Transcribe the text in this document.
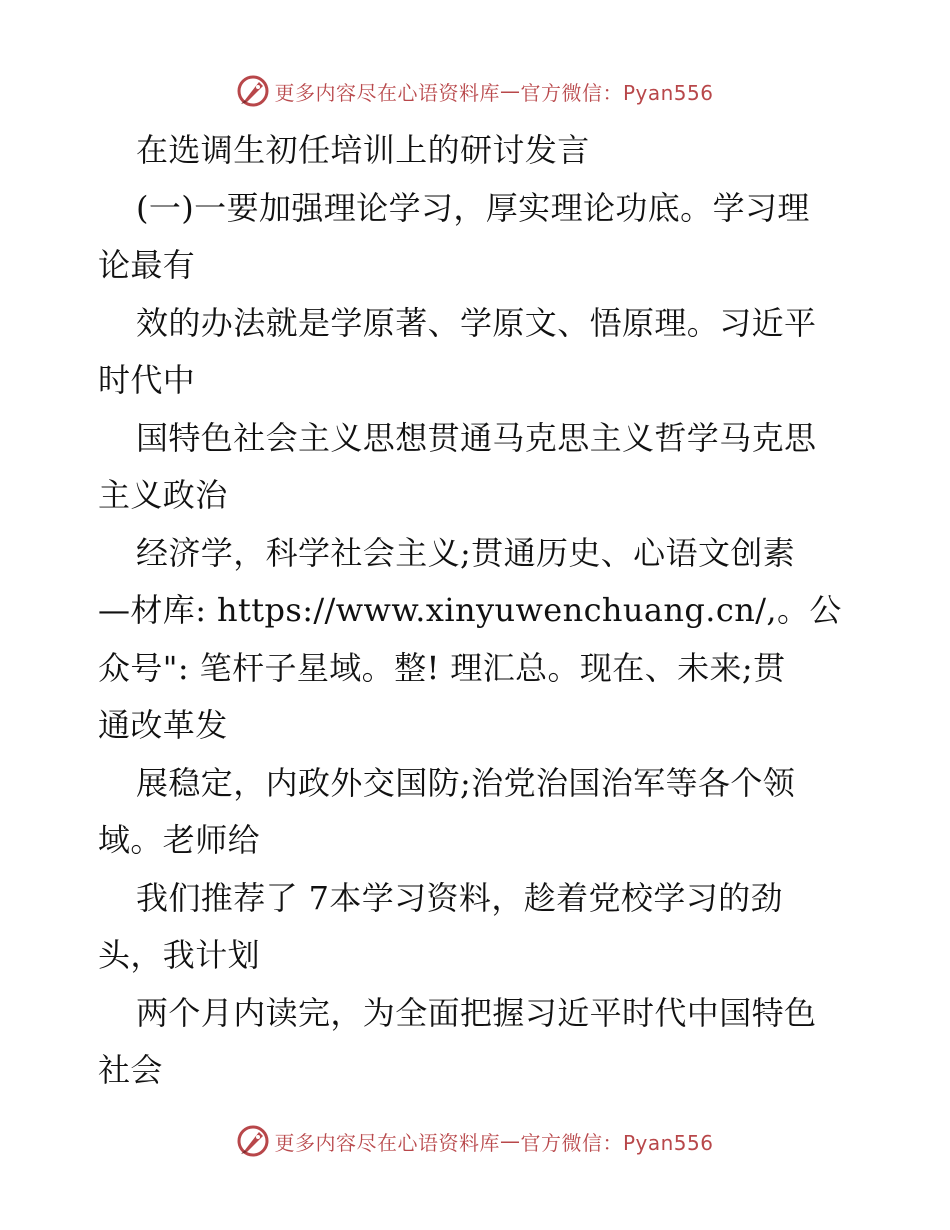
更多内容尽在心语资料库 — 官方微信：Pyan556
在选调生初任培训上的研讨发言
(一)一要加强理论学习，厚实理论功底。学习理
论最有
效的办法就是学原著、学原文、悟原理。习近平
时代中
国特色社会主义思想贯通马克思主义哲学马克思
主义政治
经济学，科学社会主义;贯通历史、心语文创素
—材库: https://www.xinyuwenchuang.cn/,。公
众号": 笔杆子星域。整! 理汇总。现在、未来;贯
通改革发
展稳定，内政外交国防;治党治国治军等各个领
域。老师给
我们推荐了 7本学习资料，趁着党校学习的劲
头，我计划
两个月内读完，为全面把握习近平时代中国特色
社会
更多内容尽在心语资料库 — 官方微信：Pyan556
